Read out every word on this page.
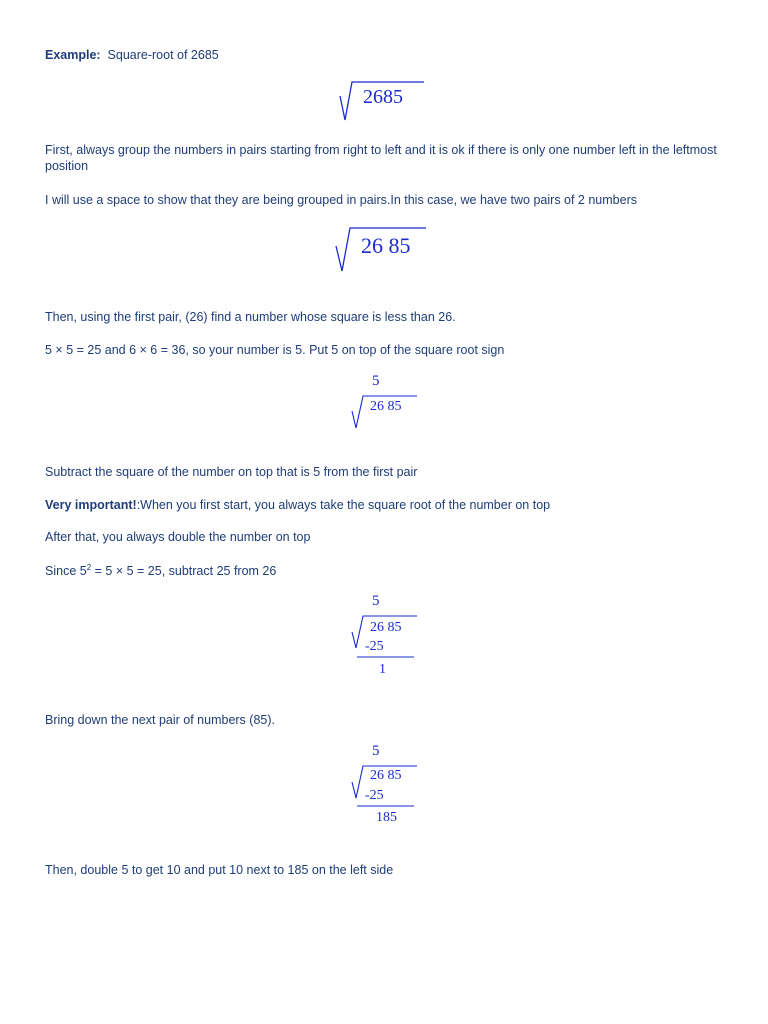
Example: Square-root of 2685
2685
First, always group the numbers in pairs starting from right to left and it is ok if there is only one number left in the leftmost position
I will use a space to show that they are being grouped in pairs.In this case, we have two pairs of 2 numbers
26 85
Then, using the first pair, (26) find a number whose square is less than 26.
5 × 5 = 25 and 6 × 6 = 36, so your number is 5. Put 5 on top of the square root sign
5
26 85
Subtract the square of the number on top that is 5 from the first pair
Very important!:When you first start, you always take the square root of the number on top
After that, you always double the number on top
Since $5^2 = 5 \times 5 = 25$, subtract 25 from 26
5
26 85
-25
1
Bring down the next pair of numbers (85).
5
26 85
-25
185
Then, double 5 to get 10 and put 10 next to 185 on the left side
